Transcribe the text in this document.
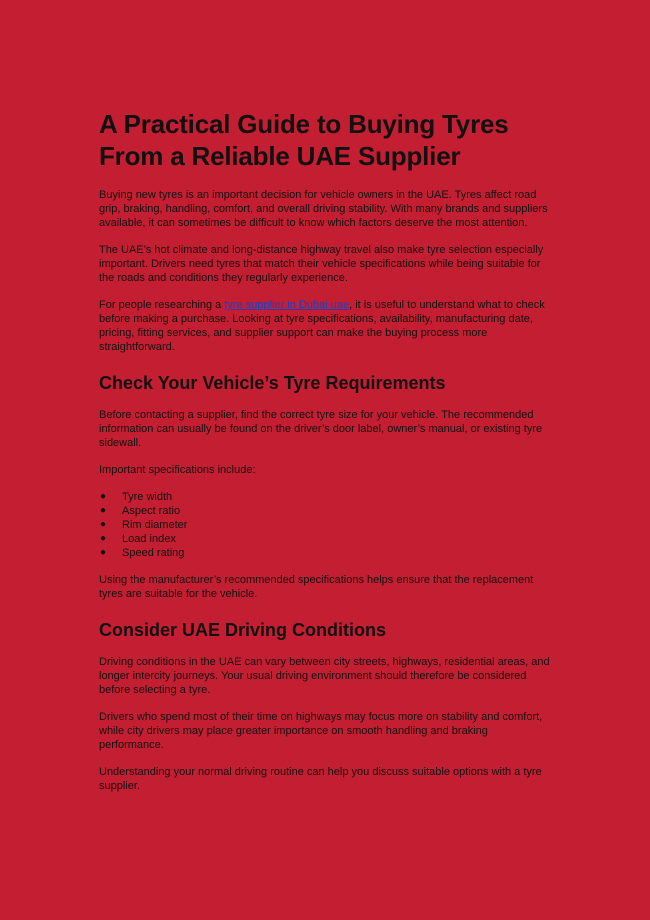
A Practical Guide to Buying Tyres From a Reliable UAE Supplier

Buying new tyres is an important decision for vehicle owners in the UAE. Tyres affect road grip, braking, handling, comfort, and overall driving stability. With many brands and suppliers available, it can sometimes be difficult to know which factors deserve the most attention.

The UAE’s hot climate and long-distance highway travel also make tyre selection especially important. Drivers need tyres that match their vehicle specifications while being suitable for the roads and conditions they regularly experience.

For people researching a tyre supplier in Dubai uae, it is useful to understand what to check before making a purchase. Looking at tyre specifications, availability, manufacturing date, pricing, fitting services, and supplier support can make the buying process more straightforward.

Check Your Vehicle’s Tyre Requirements

Before contacting a supplier, find the correct tyre size for your vehicle. The recommended information can usually be found on the driver’s door label, owner’s manual, or existing tyre sidewall.

Important specifications include:

● Tyre width
● Aspect ratio
● Rim diameter
● Load index
● Speed rating

Using the manufacturer’s recommended specifications helps ensure that the replacement tyres are suitable for the vehicle.

Consider UAE Driving Conditions

Driving conditions in the UAE can vary between city streets, highways, residential areas, and longer intercity journeys. Your usual driving environment should therefore be considered before selecting a tyre.

Drivers who spend most of their time on highways may focus more on stability and comfort, while city drivers may place greater importance on smooth handling and braking performance.

Understanding your normal driving routine can help you discuss suitable options with a tyre supplier.
